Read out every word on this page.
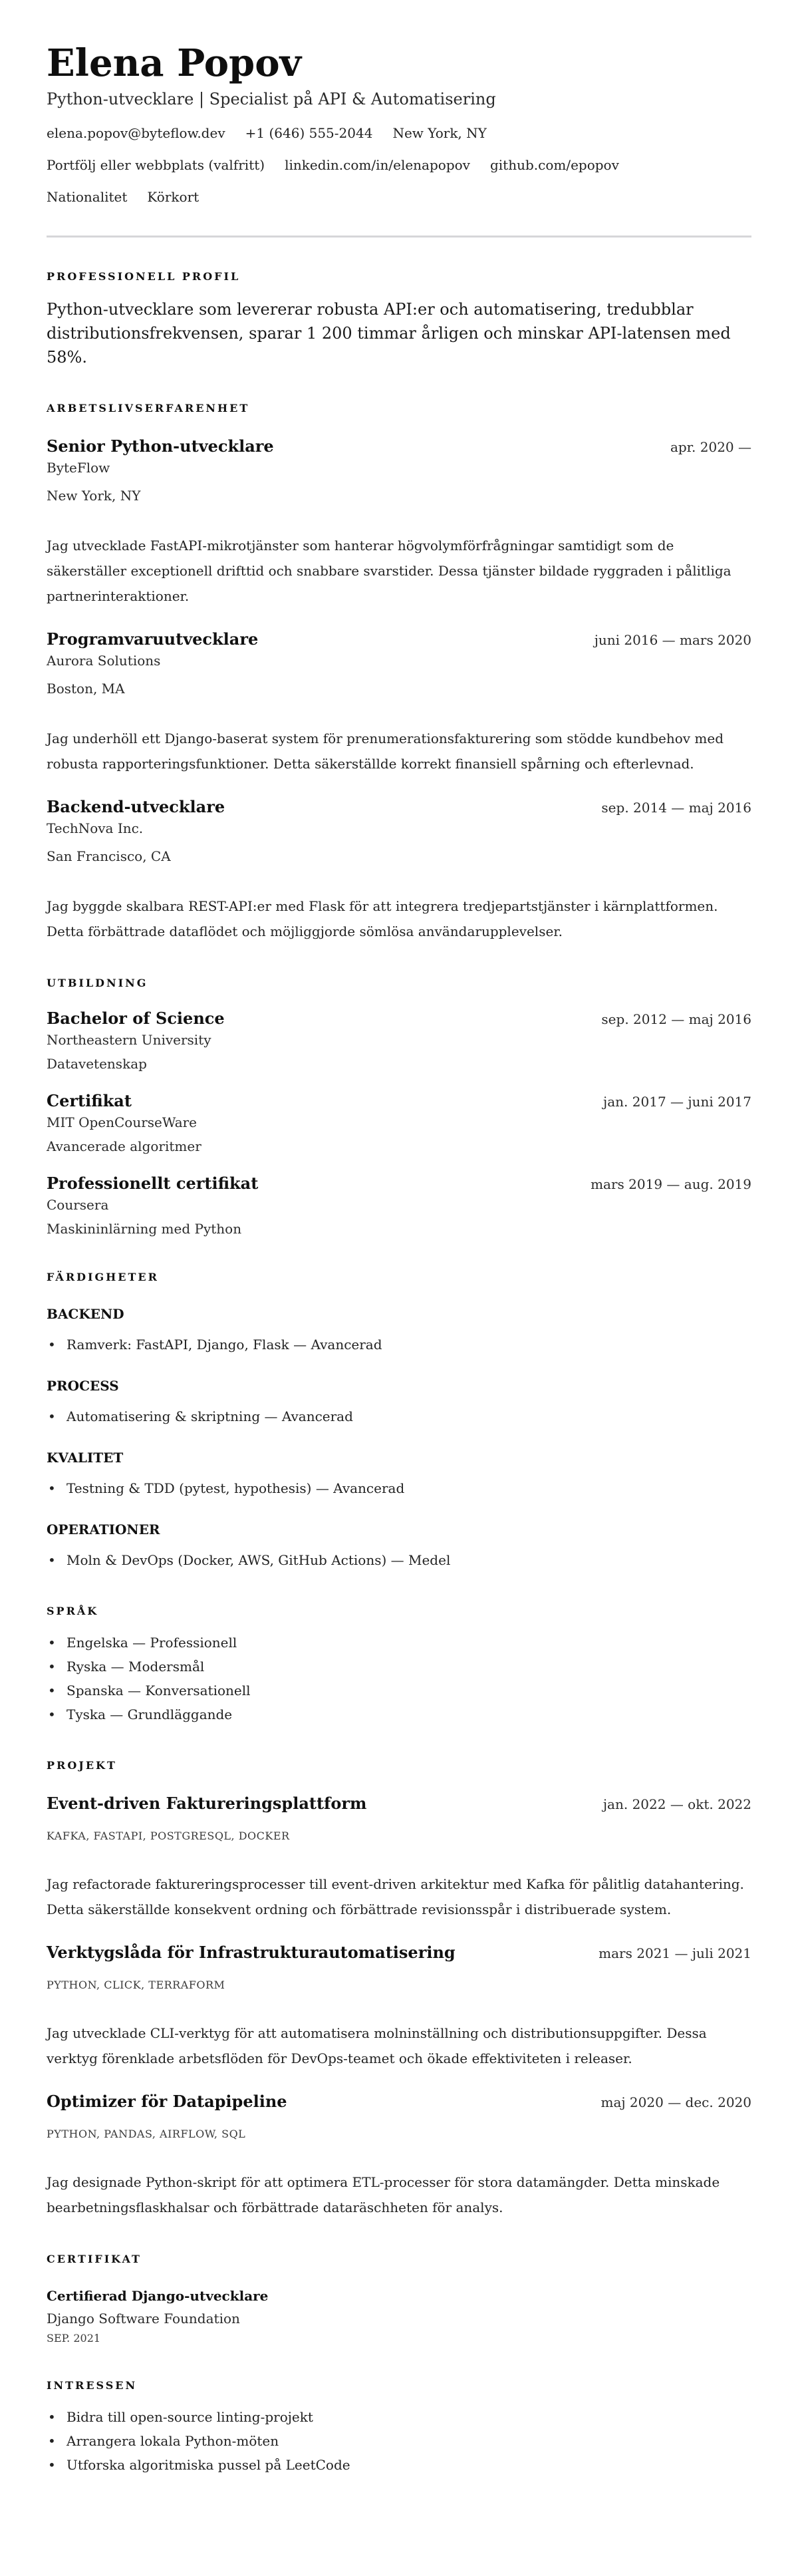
Elena Popov
Python-utvecklare | Specialist på API & Automatisering
elena.popov@byteflow.dev +1 (646) 555-2044 New York, NY
Portfölj eller webbplats (valfritt) linkedin.com/in/elenapopov github.com/epopov
Nationalitet Körkort
PROFESSIONELL PROFIL

Python-utvecklare som levererar robusta API:er och automatisering, tredubblar distributionsfrekvensen, sparar 1 200 timmar årligen och minskar API-latensen med 58%.

ARBETSLIVSERFARENHET
Senior Python-utvecklare	apr. 2020 —
ByteFlow
New York, NY

Jag utvecklade FastAPI-mikrotjänster som hanterar högvolymförfrågningar samtidigt som de säkerställer exceptionell drifttid och snabbare svarstider. Dessa tjänster bildade ryggraden i pålitliga partnerinteraktioner.

Programvaruutvecklare	juni 2016 — mars 2020
Aurora Solutions
Boston, MA

Jag underhöll ett Django-baserat system för prenumerationsfakturering som stödde kundbehov med robusta rapporteringsfunktioner. Detta säkerställde korrekt finansiell spårning och efterlevnad.

Backend-utvecklare	sep. 2014 — maj 2016
TechNova Inc.
San Francisco, CA

Jag byggde skalbara REST-API:er med Flask för att integrera tredjepartstjänster i kärnplattformen. Detta förbättrade dataflödet och möjliggjorde sömlösa användarupplevelser.

UTBILDNING
Bachelor of Science	sep. 2012 — maj 2016
Northeastern University
Datavetenskap
Certifikat	jan. 2017 — juni 2017
MIT OpenCourseWare
Avancerade algoritmer
Professionellt certifikat	mars 2019 — aug. 2019
Coursera
Maskininlärning med Python
FÄRDIGHETER
BACKEND
• Ramverk: FastAPI, Django, Flask — Avancerad
PROCESS
• Automatisering & skriptning — Avancerad
KVALITET
• Testning & TDD (pytest, hypothesis) — Avancerad
OPERATIONER
• Moln & DevOps (Docker, AWS, GitHub Actions) — Medel
SPRÅK
• Engelska — Professionell
• Ryska — Modersmål
• Spanska — Konversationell
• Tyska — Grundläggande
PROJEKT
Event-driven Faktureringsplattform	jan. 2022 — okt. 2022
KAFKA, FASTAPI, POSTGRESQL, DOCKER

Jag refactorade faktureringsprocesser till event-driven arkitektur med Kafka för pålitlig datahantering. Detta säkerställde konsekvent ordning och förbättrade revisionsspår i distribuerade system.

Verktygslåda för Infrastrukturautomatisering	mars 2021 — juli 2021
PYTHON, CLICK, TERRAFORM

Jag utvecklade CLI-verktyg för att automatisera molninställning och distributionsuppgifter. Dessa verktyg förenklade arbetsflöden för DevOps-teamet och ökade effektiviteten i releaser.

Optimizer för Datapipeline	maj 2020 — dec. 2020
PYTHON, PANDAS, AIRFLOW, SQL

Jag designade Python-skript för att optimera ETL-processer för stora datamängder. Detta minskade bearbetningsflaskhalsar och förbättrade dataräschheten för analys.

CERTIFIKAT
Certifierad Django-utvecklare
Django Software Foundation
SEP. 2021
INTRESSEN
• Bidra till open-source linting-projekt
• Arrangera lokala Python-möten
• Utforska algoritmiska pussel på LeetCode
